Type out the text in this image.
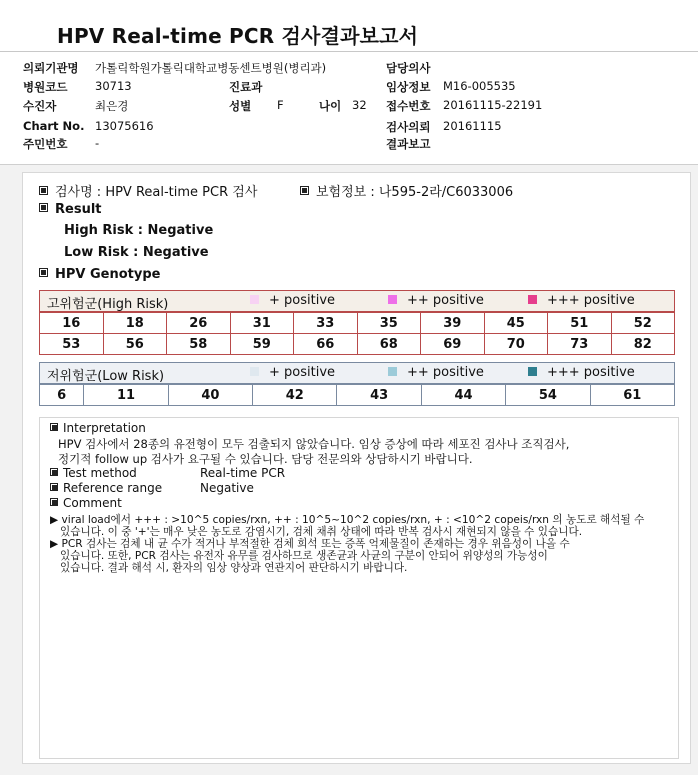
HPV Real-time PCR 검사결과보고서
의뢰기관명 가톨릭학원가톨릭대학교병동센트병원(병리과)	담당의사
병원코드 30713	진료과	임상정보 M16-005535
수진자	최은경	성별 F	나이 32 접수번호 20161115-22191
Chart No. 13075616	검사의뢰 20161115
주민번호 -	결과보고
검사명 : HPV Real-time PCR 검사	보험정보 : 나595-2라/C6033006
Result
High Risk : Negative
Low Risk : Negative
HPV Genotype
고위험군(High Risk)	+ positive	++ positive	+++ positive
16	18	26	31	33	35	39	45	51	52
53	56	58	59	66	68	69	70	73	82
저위험군(Low Risk)	+ positive	++ positive	+++ positive
6	11	40	42	43	44	54	61
Interpretation
HPV 검사에서 28종의 유전형이 모두 검출되지 않았습니다. 임상 증상에 따라 세포진 검사나 조직검사,
정기적 follow up 검사가 요구될 수 있습니다. 담당 전문의와 상담하시기 바랍니다.
Test method	Real-time PCR
Reference range	Negative
Comment
▶ viral load에서 +++ : >10^5 copies/rxn, ++ : 10^5~10^2 copies/rxn, + : <10^2 copeis/rxn 의 농도로 해석될 수
있습니다. 이 중 '+'는 매우 낮은 농도로 감염시기, 검체 채취 상태에 따라 반복 검사시 재현되지 않을 수 있습니다.
▶ PCR 검사는 검체 내 균 수가 적거나 부적절한 검체 희석 또는 증폭 억제물질이 존재하는 경우 위음성이 나올 수
있습니다. 또한, PCR 검사는 유전자 유무를 검사하므로 생존균과 사균의 구분이 안되어 위양성의 가능성이
있습니다. 결과 해석 시, 환자의 임상 양상과 연관지어 판단하시기 바랍니다.
